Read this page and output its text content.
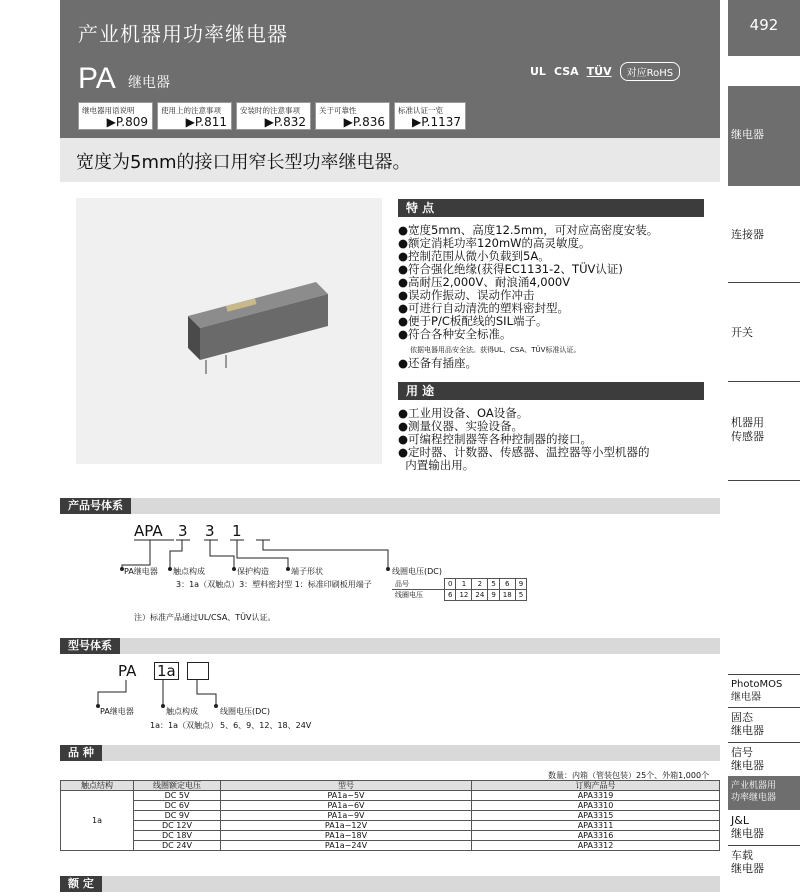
产业机器用功率继电器
PA 继电器
UL CSA TÜV	对应RoHS
继电器用语说明
▶P.809
使用上的注意事项
▶P.811
安装时的注意事项
▶P.832
关于可靠性
▶P.836
标准认证一览
▶P.1137
宽度为5mm的接口用窄长型功率继电器。
492
继电器
连接器
开关
机器用
传感器
PhotoMOS
继电器
固态
继电器
信号
继电器
产业机器用
功率继电器
J&L
继电器
车载
继电器
特 点
●宽度5mm、高度12.5mm，可对应高密度安装。
●额定消耗功率120mW的高灵敏度。
●控制范围从微小负载到5A。
●符合强化绝缘(获得EC1131-2、TÜV认证)
●高耐压2,000V、耐浪涌4,000V
●误动作振动、误动作冲击
●可进行自动清洗的塑料密封型。
●便于P/C板配线的SIL端子。
●符合各种安全标准。
依据电器用品安全法。获得UL、CSA、TÜV标准认证。
●还备有插座。
用 途
●工业用设备、OA设备。
●测量仪器、实验设备。
●可编程控制器等各种控制器的接口。
●定时器、计数器、传感器、温控器等小型机器的
内置输出用。
产品号体系
APA 3 3 1
PA继电器 触点构成	保护构造	端子形状	线圈电压(DC)
3：1a（双触点）3：塑料密封型 1：标准印刷板用端子	品号	0	1	2	5	6	9
线圈电压	6	12	24	9	18	5
注）标准产品通过UL/CSA、TÜV认证。
型号体系
PA 1a
PA继电器	触点构成	线圈电压(DC)
1a：1a（双触点） 5、6、9、12、18、24V
品 种
数量：内箱（管装包装）25个、外箱1,000个
触点结构	线圈额定电压	型号	订购产品号
1a	DC 5V	PA1a−5V	APA3319
	DC 6V	PA1a−6V	APA3310
	DC 9V	PA1a−9V	APA3315
	DC 12V	PA1a−12V	APA3311
	DC 18V	PA1a−18V	APA3316
	DC 24V	PA1a−24V	APA3312
额 定
